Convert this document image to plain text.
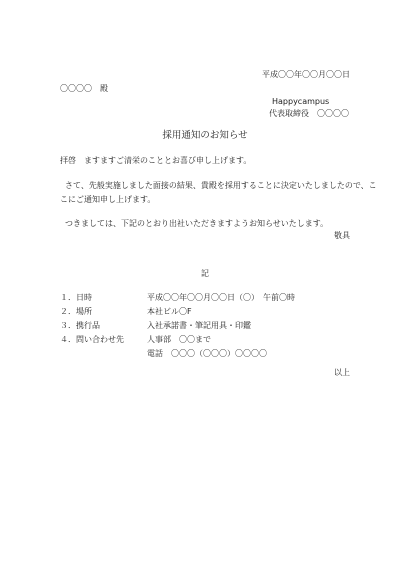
平成〇〇年〇〇月〇〇日
〇〇〇〇　殿
Happycampus
代表取締役　〇〇〇〇
採用通知のお知らせ
拝啓　ますますご清栄のこととお喜び申し上げます。
さて、先般実施しました面接の結果、貴殿を採用することに決定いたしましたので、こ
こにご通知申し上げます。
つきましては、下記のとおり出社いただきますようお知らせいたします。
敬具
記
１．日時	平成〇〇年〇〇月〇〇日（〇）　午前〇時
２．場所	本社ビル〇F
３．携行品	入社承諾書・筆記用具・印鑑
４．問い合わせ先	人事部　〇〇まで
電話　〇〇〇（〇〇〇）〇〇〇〇
以上
